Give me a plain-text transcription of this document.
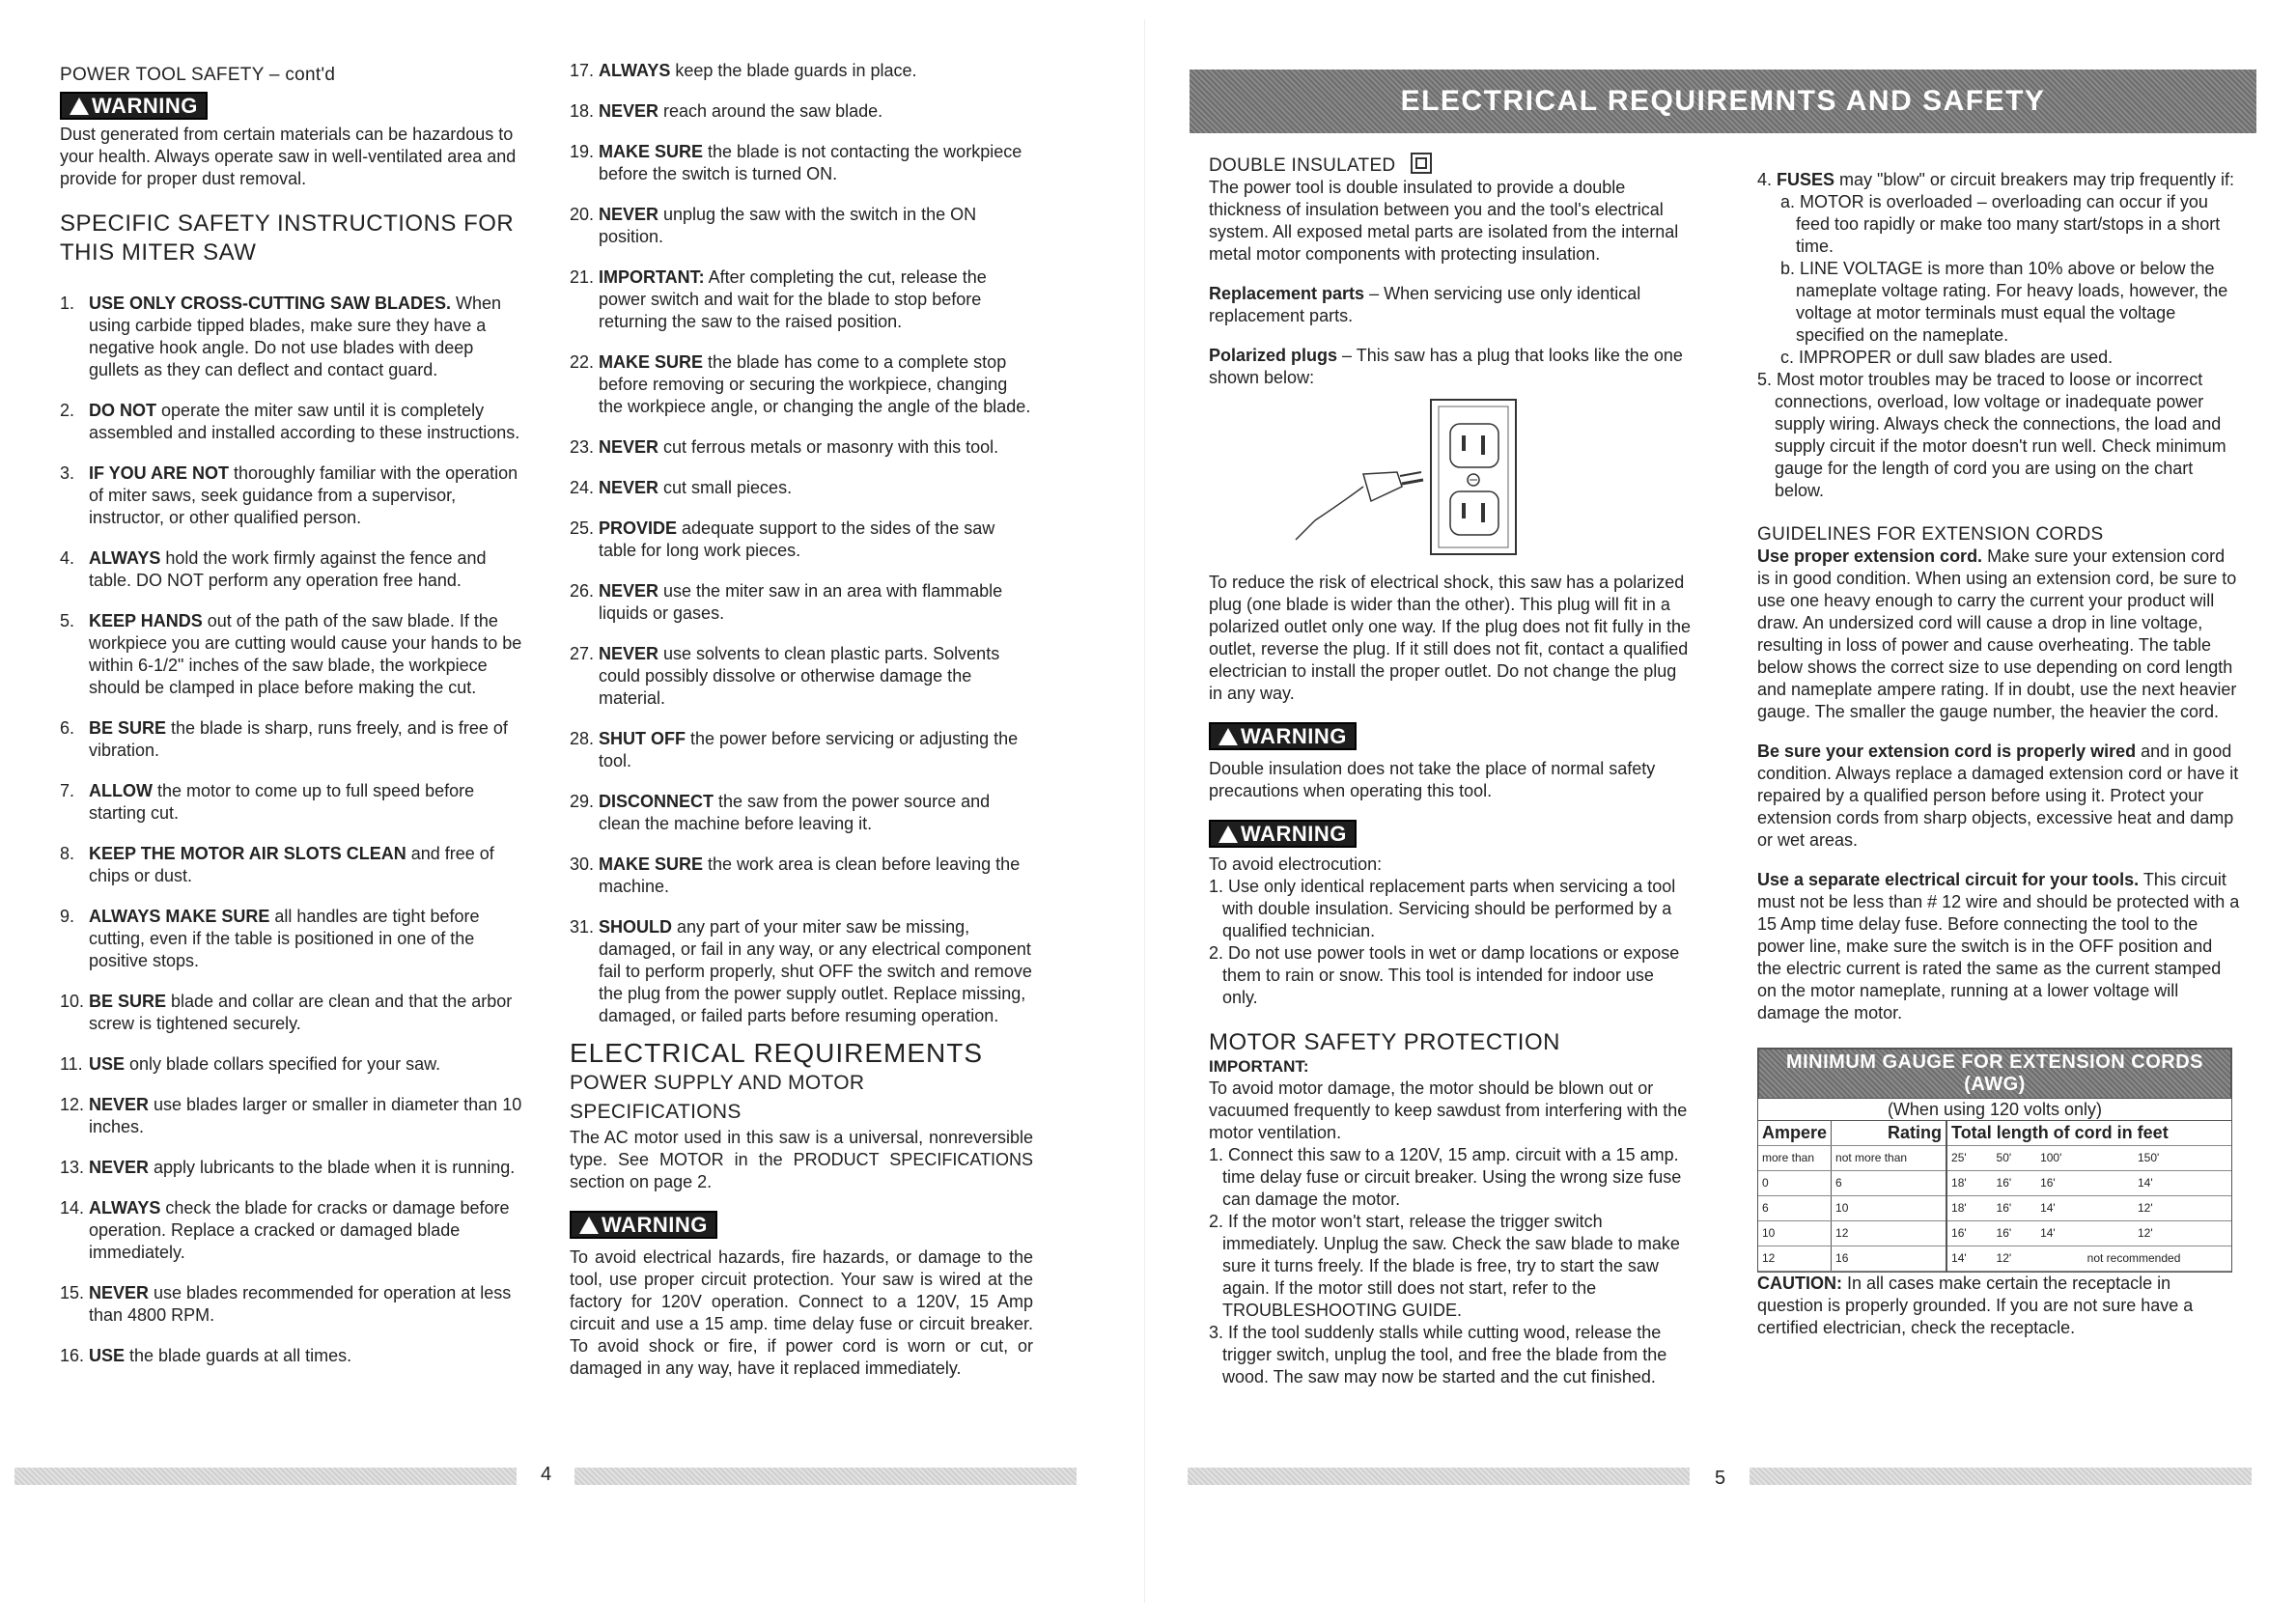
POWER TOOL SAFETY – cont'd
WARNING
Dust generated from certain materials can be hazardous to your health. Always operate saw in well-ventilated area and provide for proper dust removal.
SPECIFIC SAFETY INSTRUCTIONS FOR THIS MITER SAW
1. USE ONLY CROSS-CUTTING SAW BLADES. When using carbide tipped blades, make sure they have a negative hook angle. Do not use blades with deep gullets as they can deflect and contact guard.
2. DO NOT operate the miter saw until it is completely assembled and installed according to these instructions.
3. IF YOU ARE NOT thoroughly familiar with the operation of miter saws, seek guidance from a supervisor, instructor, or other qualified person.
4. ALWAYS hold the work firmly against the fence and table. DO NOT perform any operation free hand.
5. KEEP HANDS out of the path of the saw blade. If the workpiece you are cutting would cause your hands to be within 6-1/2" inches of the saw blade, the workpiece should be clamped in place before making the cut.
6. BE SURE the blade is sharp, runs freely, and is free of vibration.
7. ALLOW the motor to come up to full speed before starting cut.
8. KEEP THE MOTOR AIR SLOTS CLEAN and free of chips or dust.
9. ALWAYS MAKE SURE all handles are tight before cutting, even if the table is positioned in one of the positive stops.
10. BE SURE blade and collar are clean and that the arbor screw is tightened securely.
11. USE only blade collars specified for your saw.
12. NEVER use blades larger or smaller in diameter than 10 inches.
13. NEVER apply lubricants to the blade when it is running.
14. ALWAYS check the blade for cracks or damage before operation. Replace a cracked or damaged blade immediately.
15. NEVER use blades recommended for operation at less than 4800 RPM.
16. USE the blade guards at all times.
17. ALWAYS keep the blade guards in place.
18. NEVER reach around the saw blade.
19. MAKE SURE the blade is not contacting the workpiece before the switch is turned ON.
20. NEVER unplug the saw with the switch in the ON position.
21. IMPORTANT: After completing the cut, release the power switch and wait for the blade to stop before returning the saw to the raised position.
22. MAKE SURE the blade has come to a complete stop before removing or securing the workpiece, changing the workpiece angle, or changing the angle of the blade.
23. NEVER cut ferrous metals or masonry with this tool.
24. NEVER cut small pieces.
25. PROVIDE adequate support to the sides of the saw table for long work pieces.
26. NEVER use the miter saw in an area with flammable liquids or gases.
27. NEVER use solvents to clean plastic parts. Solvents could possibly dissolve or otherwise damage the material.
28. SHUT OFF the power before servicing or adjusting the tool.
29. DISCONNECT the saw from the power source and clean the machine before leaving it.
30. MAKE SURE the work area is clean before leaving the machine.
31. SHOULD any part of your miter saw be missing, damaged, or fail in any way, or any electrical component fail to perform properly, shut OFF the switch and remove the plug from the power supply outlet. Replace missing, damaged, or failed parts before resuming operation.
ELECTRICAL REQUIREMENTS
POWER SUPPLY AND MOTOR SPECIFICATIONS
The AC motor used in this saw is a universal, nonreversible type. See MOTOR in the PRODUCT SPECIFICATIONS section on page 2.
WARNING
To avoid electrical hazards, fire hazards, or damage to the tool, use proper circuit protection. Your saw is wired at the factory for 120V operation. Connect to a 120V, 15 Amp circuit and use a 15 amp. time delay fuse or circuit breaker. To avoid shock or fire, if power cord is worn or cut, or damaged in any way, have it replaced immediately.
4
ELECTRICAL REQUIREMNTS AND SAFETY
DOUBLE INSULATED
The power tool is double insulated to provide a double thickness of insulation between you and the tool's electrical system. All exposed metal parts are isolated from the internal metal motor components with protecting insulation.
Replacement parts – When servicing use only identical replacement parts.
Polarized plugs – This saw has a plug that looks like the one shown below:
To reduce the risk of electrical shock, this saw has a polarized plug (one blade is wider than the other). This plug will fit in a polarized outlet only one way. If the plug does not fit fully in the outlet, reverse the plug. If it still does not fit, contact a qualified electrician to install the proper outlet. Do not change the plug in any way.
WARNING
Double insulation does not take the place of normal safety precautions when operating this tool.
WARNING
To avoid electrocution:
1. Use only identical replacement parts when servicing a tool with double insulation. Servicing should be performed by a qualified technician.
2. Do not use power tools in wet or damp locations or expose them to rain or snow. This tool is intended for indoor use only.
MOTOR SAFETY PROTECTION
IMPORTANT:
To avoid motor damage, the motor should be blown out or vacuumed frequently to keep sawdust from interfering with the motor ventilation.
1. Connect this saw to a 120V, 15 amp. circuit with a 15 amp. time delay fuse or circuit breaker. Using the wrong size fuse can damage the motor.
2. If the motor won't start, release the trigger switch immediately. Unplug the saw. Check the saw blade to make sure it turns freely. If the blade is free, try to start the saw again. If the motor still does not start, refer to the TROUBLESHOOTING GUIDE.
3. If the tool suddenly stalls while cutting wood, release the trigger switch, unplug the tool, and free the blade from the wood. The saw may now be started and the cut finished.
4. FUSES may "blow" or circuit breakers may trip frequently if:
a. MOTOR is overloaded – overloading can occur if you feed too rapidly or make too many start/stops in a short time.
b. LINE VOLTAGE is more than 10% above or below the nameplate voltage rating. For heavy loads, however, the voltage at motor terminals must equal the voltage specified on the nameplate.
c. IMPROPER or dull saw blades are used.
5. Most motor troubles may be traced to loose or incorrect connections, overload, low voltage or inadequate power supply wiring. Always check the connections, the load and supply circuit if the motor doesn't run well. Check minimum gauge for the length of cord you are using on the chart below.
GUIDELINES FOR EXTENSION CORDS
Use proper extension cord. Make sure your extension cord is in good condition. When using an extension cord, be sure to use one heavy enough to carry the current your product will draw. An undersized cord will cause a drop in line voltage, resulting in loss of power and cause overheating. The table below shows the correct size to use depending on cord length and nameplate ampere rating. If in doubt, use the next heavier gauge. The smaller the gauge number, the heavier the cord.
Be sure your extension cord is properly wired and in good condition. Always replace a damaged extension cord or have it repaired by a qualified person before using it. Protect your extension cords from sharp objects, excessive heat and damp or wet areas.
Use a separate electrical circuit for your tools. This circuit must not be less than # 12 wire and should be protected with a 15 Amp time delay fuse. Before connecting the tool to the power line, make sure the switch is in the OFF position and the electric current is rated the same as the current stamped on the motor nameplate, running at a lower voltage will damage the motor.
MINIMUM GAUGE FOR EXTENSION CORDS (AWG)
(When using 120 volts only)
Ampere	Rating	Total length of cord in feet			
more than	not more than	25'	50'	100'	150'
0	6	18'	16'	16'	14'
6	10	18'	16'	14'	12'
10	12	16'	16'	14'	12'
12	16	14'	12'	not recommended	
CAUTION: In all cases make certain the receptacle in question is properly grounded. If you are not sure have a certified electrician, check the receptacle.
5
